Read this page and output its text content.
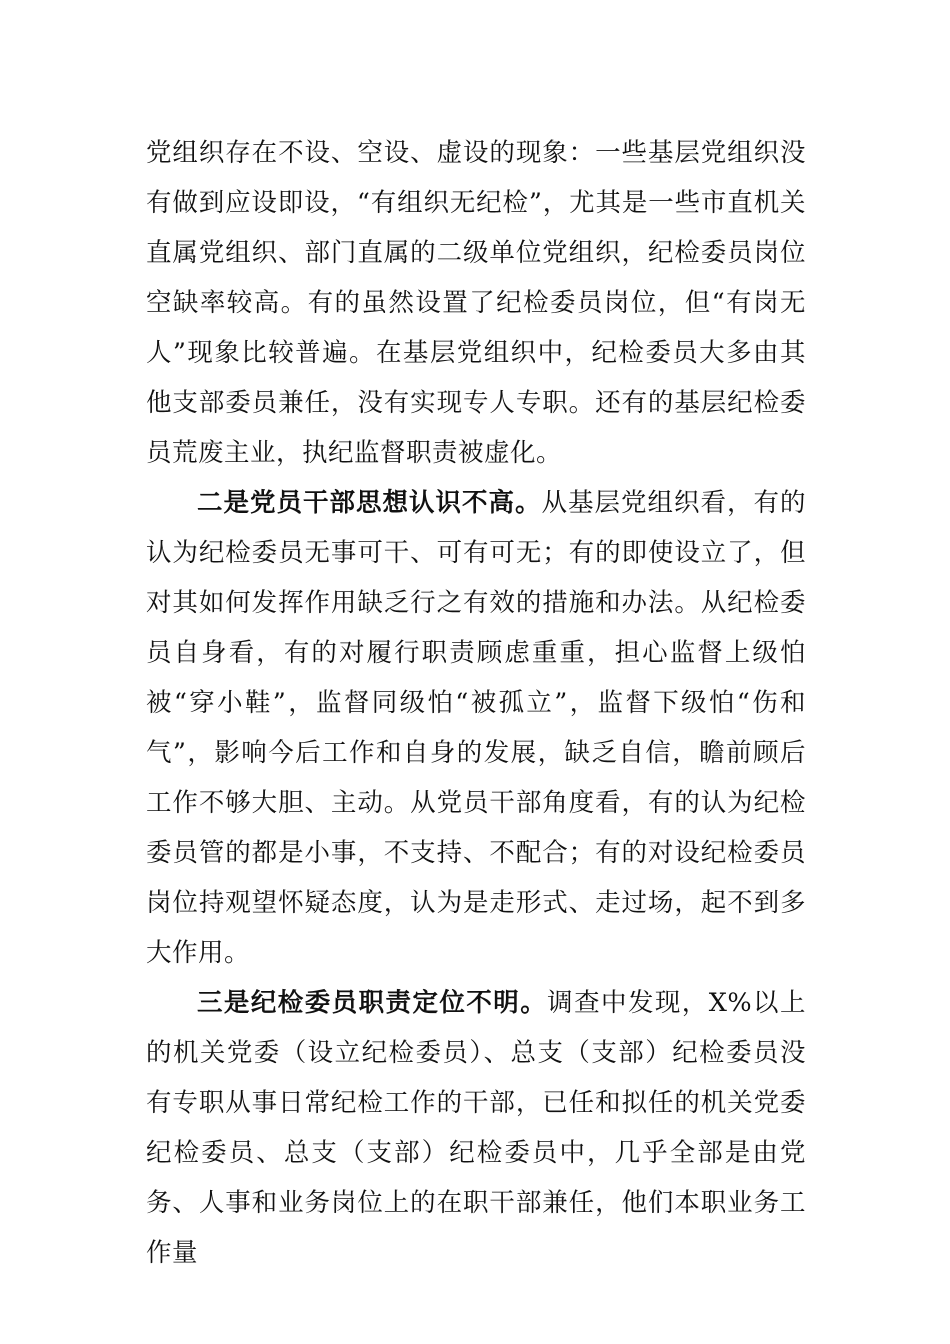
党组织存在不设、空设、虚设的现象：一些基层党组织没有做到应设即设，“有组织无纪检”，尤其是一些市直机关直属党组织、部门直属的二级单位党组织，纪检委员岗位空缺率较高。有的虽然设置了纪检委员岗位，但“有岗无人”现象比较普遍。在基层党组织中，纪检委员大多由其他支部委员兼任，没有实现专人专职。还有的基层纪检委员荒废主业，执纪监督职责被虚化。

二是党员干部思想认识不高。从基层党组织看，有的认为纪检委员无事可干、可有可无；有的即使设立了，但对其如何发挥作用缺乏行之有效的措施和办法。从纪检委员自身看，有的对履行职责顾虑重重，担心监督上级怕被“穿小鞋”，监督同级怕“被孤立”，监督下级怕“伤和气”，影响今后工作和自身的发展，缺乏自信，瞻前顾后工作不够大胆、主动。从党员干部角度看，有的认为纪检委员管的都是小事，不支持、不配合；有的对设纪检委员岗位持观望怀疑态度，认为是走形式、走过场，起不到多大作用。

三是纪检委员职责定位不明。调查中发现，X%以上的机关党委（设立纪检委员）、总支（支部）纪检委员没有专职从事日常纪检工作的干部，已任和拟任的机关党委纪检委员、总支（支部）纪检委员中，几乎全部是由党务、人事和业务岗位上的在职干部兼任，他们本职业务工作量
